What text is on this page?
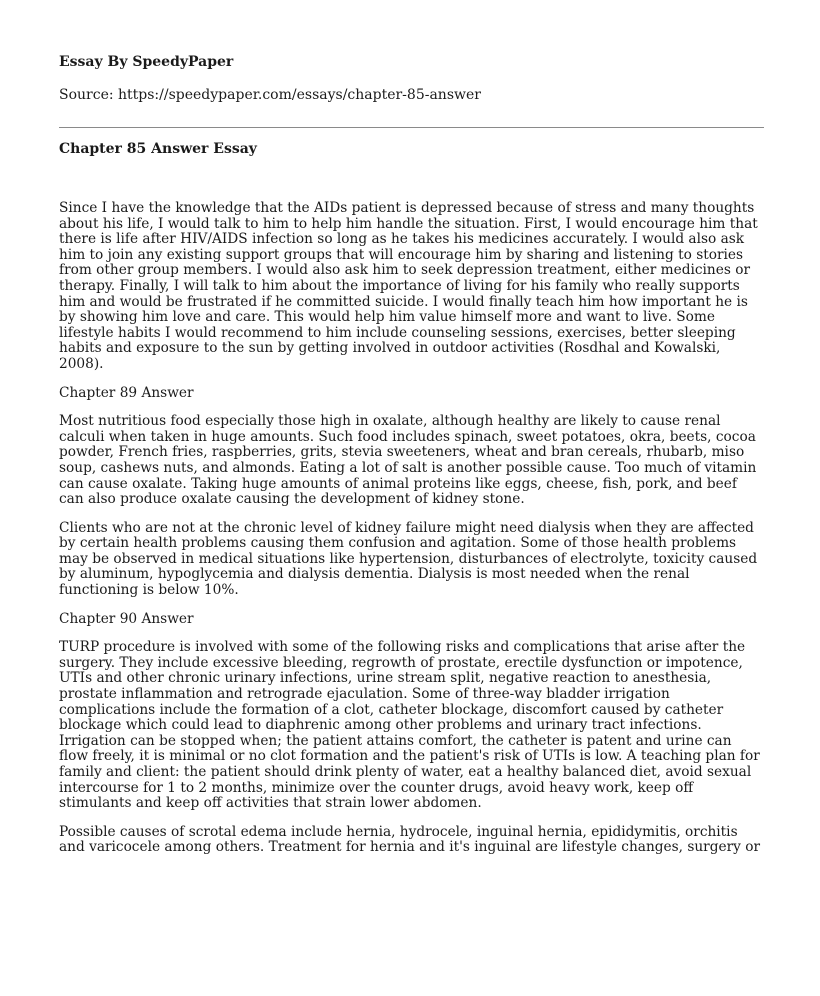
Essay By SpeedyPaper
Source: https://speedypaper.com/essays/chapter-85-answer
Chapter 85 Answer Essay
Since I have the knowledge that the AIDs patient is depressed because of stress and many thoughts
about his life, I would talk to him to help him handle the situation. First, I would encourage him that
there is life after HIV/AIDS infection so long as he takes his medicines accurately. I would also ask
him to join any existing support groups that will encourage him by sharing and listening to stories
from other group members. I would also ask him to seek depression treatment, either medicines or
therapy. Finally, I will talk to him about the importance of living for his family who really supports
him and would be frustrated if he committed suicide. I would finally teach him how important he is
by showing him love and care. This would help him value himself more and want to live. Some
lifestyle habits I would recommend to him include counseling sessions, exercises, better sleeping
habits and exposure to the sun by getting involved in outdoor activities (Rosdhal and Kowalski,
2008).
Chapter 89 Answer
Most nutritious food especially those high in oxalate, although healthy are likely to cause renal
calculi when taken in huge amounts. Such food includes spinach, sweet potatoes, okra, beets, cocoa
powder, French fries, raspberries, grits, stevia sweeteners, wheat and bran cereals, rhubarb, miso
soup, cashews nuts, and almonds. Eating a lot of salt is another possible cause. Too much of vitamin
can cause oxalate. Taking huge amounts of animal proteins like eggs, cheese, fish, pork, and beef
can also produce oxalate causing the development of kidney stone.
Clients who are not at the chronic level of kidney failure might need dialysis when they are affected
by certain health problems causing them confusion and agitation. Some of those health problems
may be observed in medical situations like hypertension, disturbances of electrolyte, toxicity caused
by aluminum, hypoglycemia and dialysis dementia. Dialysis is most needed when the renal
functioning is below 10%.
Chapter 90 Answer
TURP procedure is involved with some of the following risks and complications that arise after the
surgery. They include excessive bleeding, regrowth of prostate, erectile dysfunction or impotence,
UTIs and other chronic urinary infections, urine stream split, negative reaction to anesthesia,
prostate inflammation and retrograde ejaculation. Some of three-way bladder irrigation
complications include the formation of a clot, catheter blockage, discomfort caused by catheter
blockage which could lead to diaphrenic among other problems and urinary tract infections.
Irrigation can be stopped when; the patient attains comfort, the catheter is patent and urine can
flow freely, it is minimal or no clot formation and the patient's risk of UTIs is low. A teaching plan for
family and client: the patient should drink plenty of water, eat a healthy balanced diet, avoid sexual
intercourse for 1 to 2 months, minimize over the counter drugs, avoid heavy work, keep off
stimulants and keep off activities that strain lower abdomen.
Possible causes of scrotal edema include hernia, hydrocele, inguinal hernia, epididymitis, orchitis
and varicocele among others. Treatment for hernia and it's inguinal are lifestyle changes, surgery or
